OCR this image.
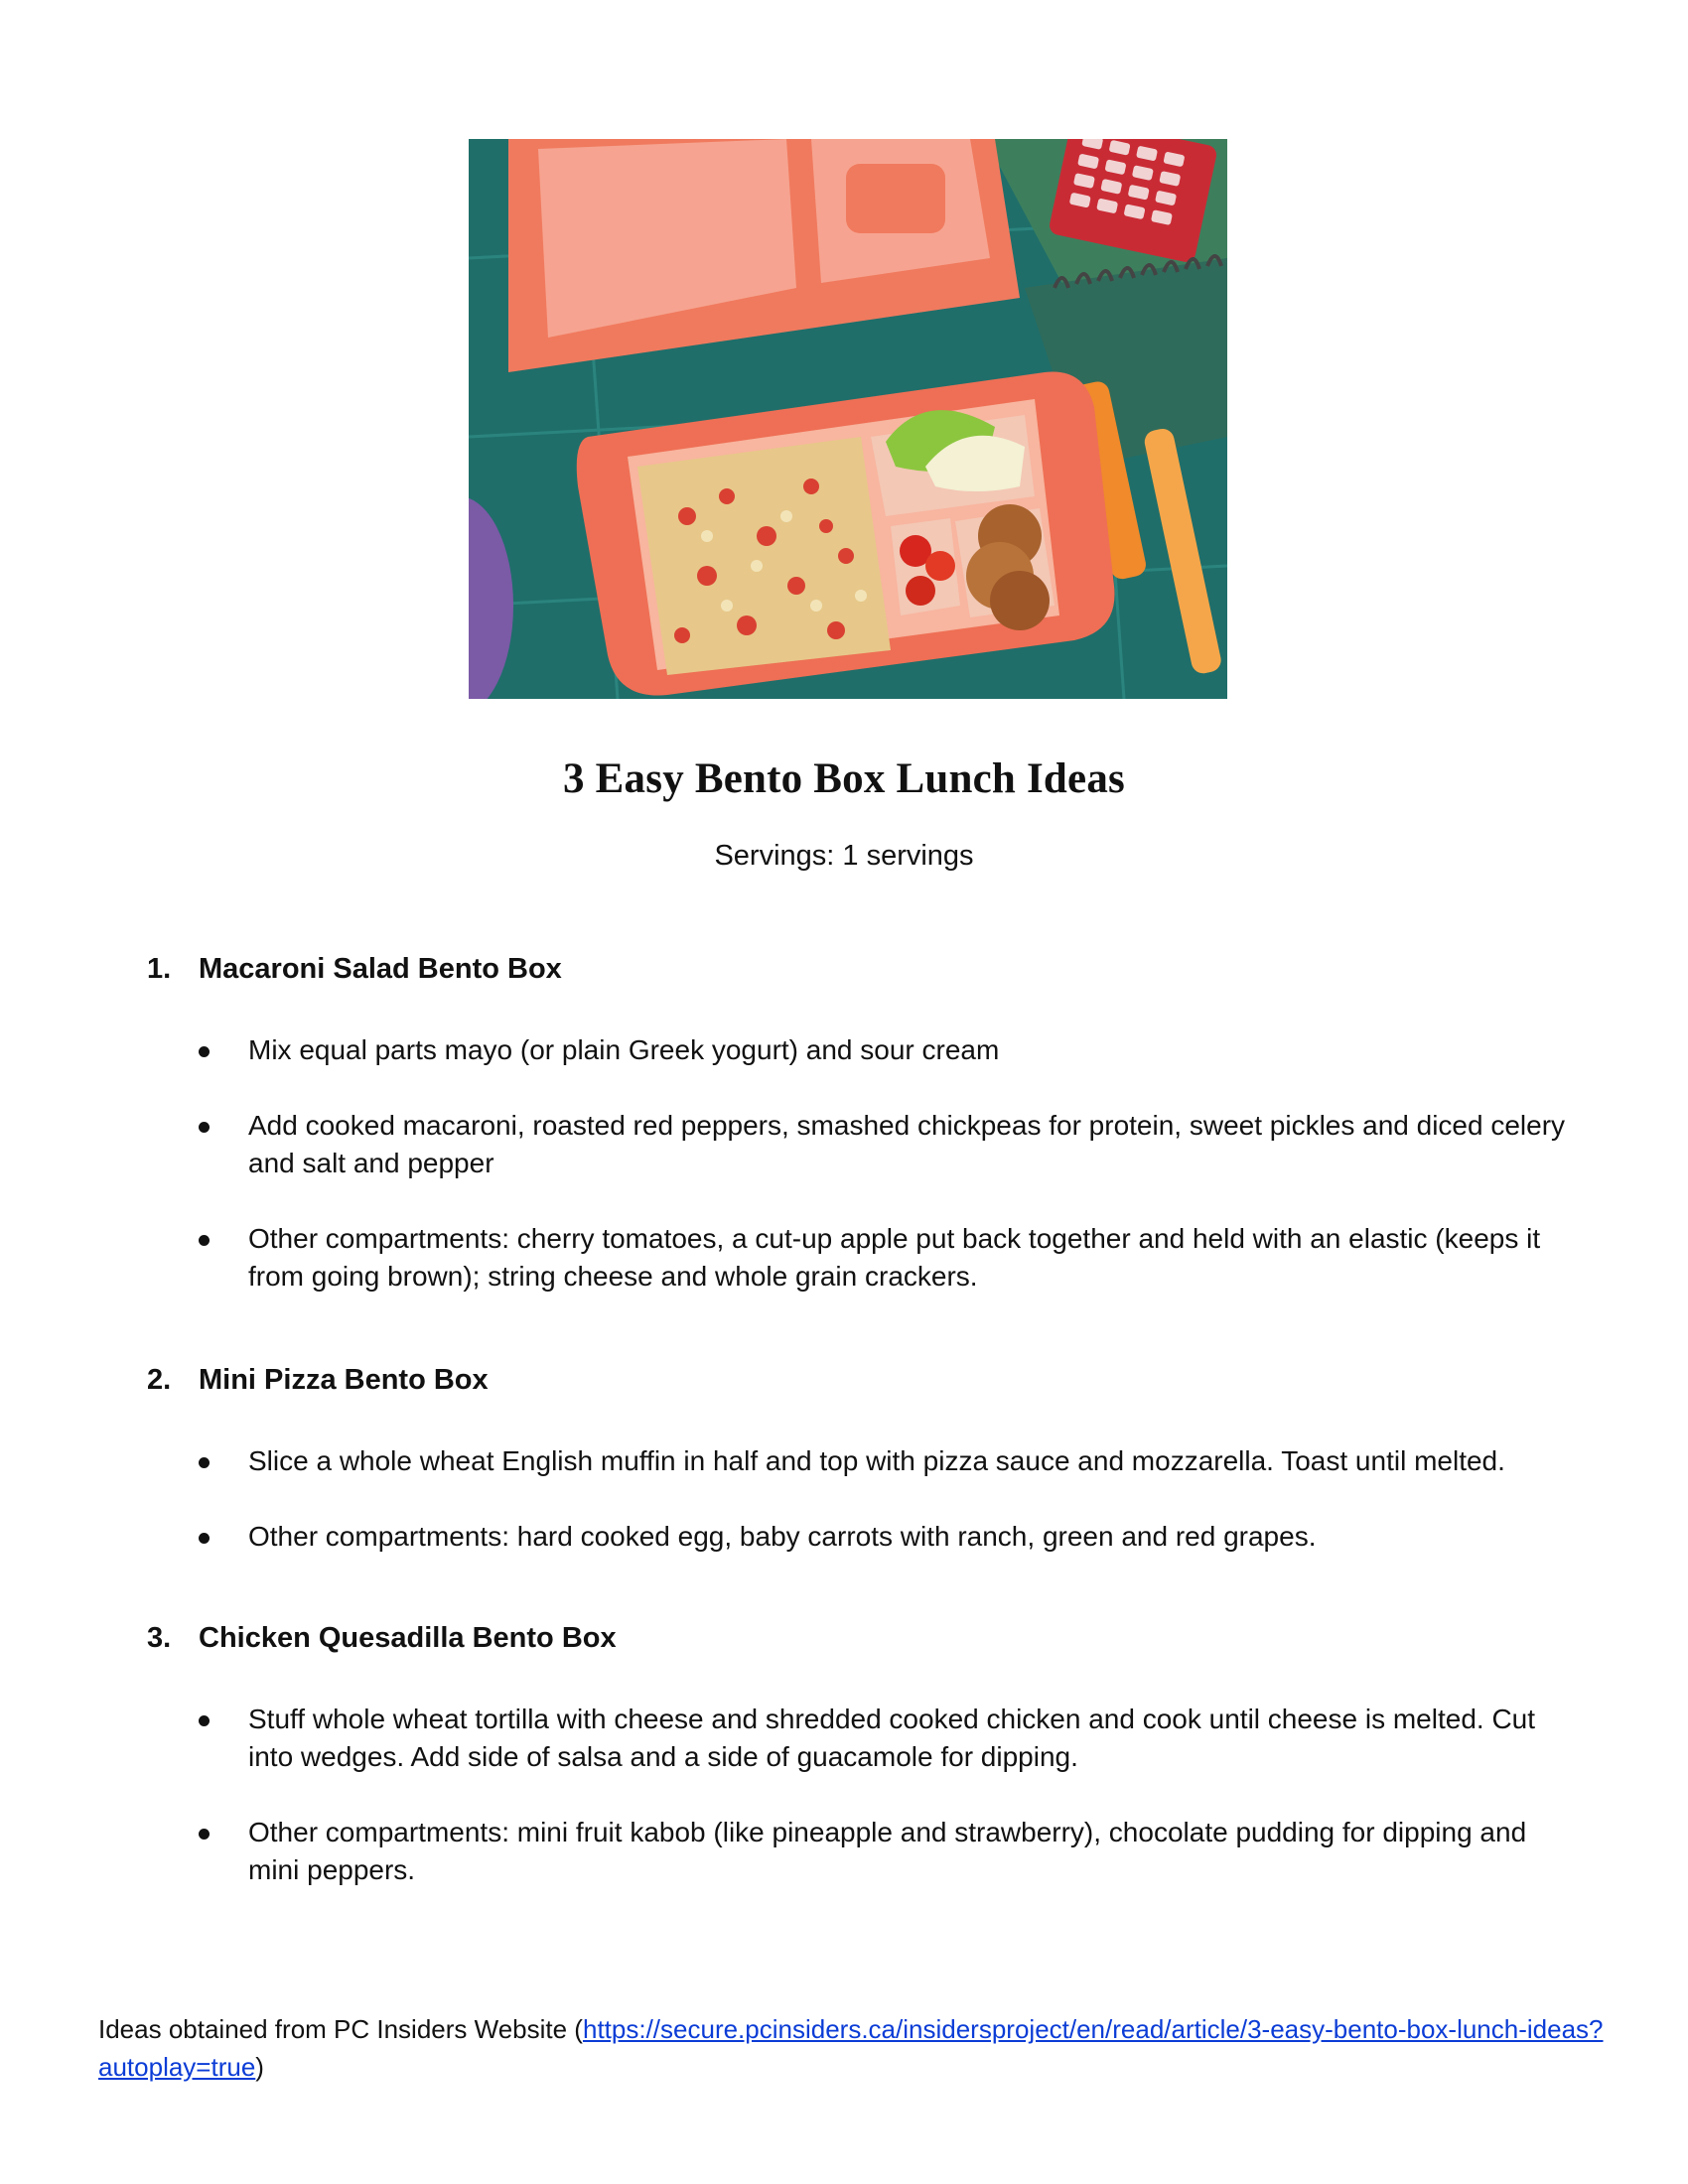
3 Easy Bento Box Lunch Ideas
Servings: 1 servings
1. Macaroni Salad Bento Box
Mix equal parts mayo (or plain Greek yogurt) and sour cream
Add cooked macaroni, roasted red peppers, smashed chickpeas for protein, sweet pickles and diced celery and salt and pepper
Other compartments: cherry tomatoes, a cut-up apple put back together and held with an elastic (keeps it from going brown); string cheese and whole grain crackers.
2. Mini Pizza Bento Box
Slice a whole wheat English muffin in half and top with pizza sauce and mozzarella. Toast until melted.
Other compartments: hard cooked egg, baby carrots with ranch, green and red grapes.
3. Chicken Quesadilla Bento Box
Stuff whole wheat tortilla with cheese and shredded cooked chicken and cook until cheese is melted. Cut into wedges. Add side of salsa and a side of guacamole for dipping.
Other compartments: mini fruit kabob (like pineapple and strawberry), chocolate pudding for dipping and mini peppers.
Ideas obtained from PC Insiders Website (https://secure.pcinsiders.ca/insidersproject/en/read/article/3-easy-bento-box-lunch-ideas?autoplay=true)
